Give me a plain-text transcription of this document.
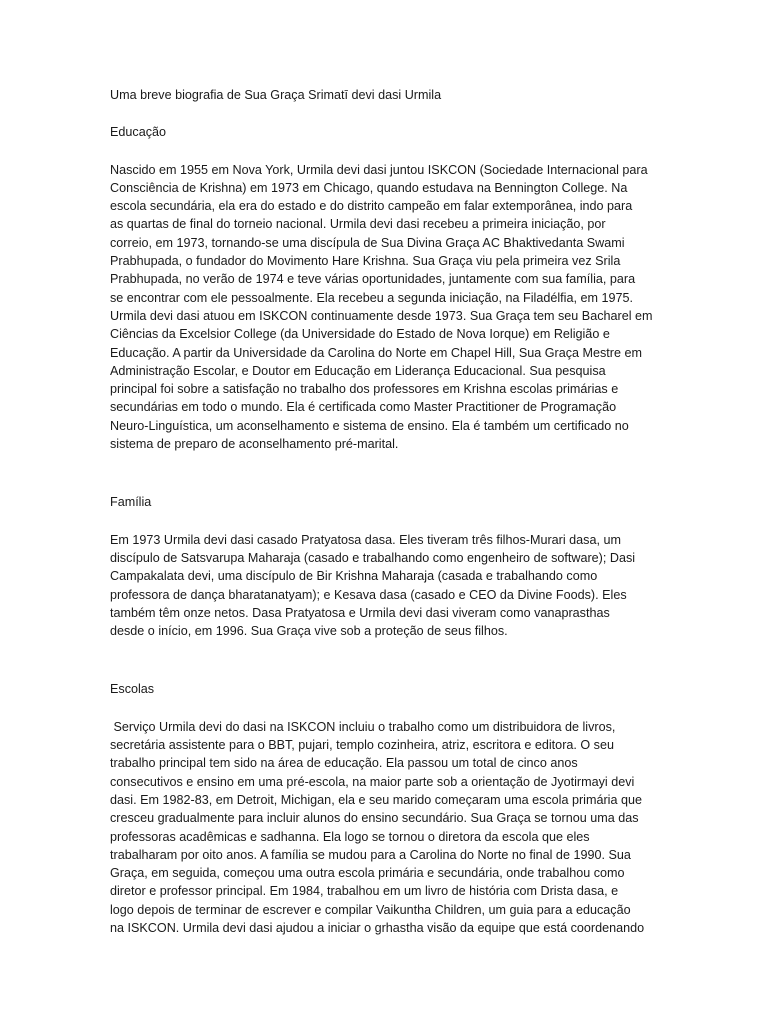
Uma breve biografia de Sua Graça Srimatī devi dasi Urmila
Educação
Nascido em 1955 em Nova York, Urmila devi dasi juntou ISKCON (Sociedade Internacional para
Consciência de Krishna) em 1973 em Chicago, quando estudava na Bennington College. Na
escola secundária, ela era do estado e do distrito campeão em falar extemporânea, indo para
as quartas de final do torneio nacional. Urmila devi dasi recebeu a primeira iniciação, por
correio, em 1973, tornando-se uma discípula de Sua Divina Graça AC Bhaktivedanta Swami
Prabhupada, o fundador do Movimento Hare Krishna. Sua Graça viu pela primeira vez Srila
Prabhupada, no verão de 1974 e teve várias oportunidades, juntamente com sua família, para
se encontrar com ele pessoalmente. Ela recebeu a segunda iniciação, na Filadélfia, em 1975.
Urmila devi dasi atuou em ISKCON continuamente desde 1973. Sua Graça tem seu Bacharel em
Ciências da Excelsior College (da Universidade do Estado de Nova Iorque) em Religião e
Educação. A partir da Universidade da Carolina do Norte em Chapel Hill, Sua Graça Mestre em
Administração Escolar, e Doutor em Educação em Liderança Educacional. Sua pesquisa
principal foi sobre a satisfação no trabalho dos professores em Krishna escolas primárias e
secundárias em todo o mundo. Ela é certificada como Master Practitioner de Programação
Neuro-Linguística, um aconselhamento e sistema de ensino. Ela é também um certificado no
sistema de preparo de aconselhamento pré-marital.
Família
Em 1973 Urmila devi dasi casado Pratyatosa dasa. Eles tiveram três filhos-Murari dasa, um
discípulo de Satsvarupa Maharaja (casado e trabalhando como engenheiro de software); Dasi
Campakalata devi, uma discípulo de Bir Krishna Maharaja (casada e trabalhando como
professora de dança bharatanatyam); e Kesava dasa (casado e CEO da Divine Foods). Eles
também têm onze netos. Dasa Pratyatosa e Urmila devi dasi viveram como vanaprasthas
desde o início, em 1996. Sua Graça vive sob a proteção de seus filhos.
Escolas
Serviço Urmila devi do dasi na ISKCON incluiu o trabalho como um distribuidora de livros,
secretária assistente para o BBT, pujari, templo cozinheira, atriz, escritora e editora. O seu
trabalho principal tem sido na área de educação. Ela passou um total de cinco anos
consecutivos e ensino em uma pré-escola, na maior parte sob a orientação de Jyotirmayi devi
dasi. Em 1982-83, em Detroit, Michigan, ela e seu marido começaram uma escola primária que
cresceu gradualmente para incluir alunos do ensino secundário. Sua Graça se tornou uma das
professoras acadêmicas e sadhanna. Ela logo se tornou o diretora da escola que eles
trabalharam por oito anos. A família se mudou para a Carolina do Norte no final de 1990. Sua
Graça, em seguida, começou uma outra escola primária e secundária, onde trabalhou como
diretor e professor principal. Em 1984, trabalhou em um livro de história com Drista dasa, e
logo depois de terminar de escrever e compilar Vaikuntha Children, um guia para a educação
na ISKCON. Urmila devi dasi ajudou a iniciar o grhastha visão da equipe que está coordenando
